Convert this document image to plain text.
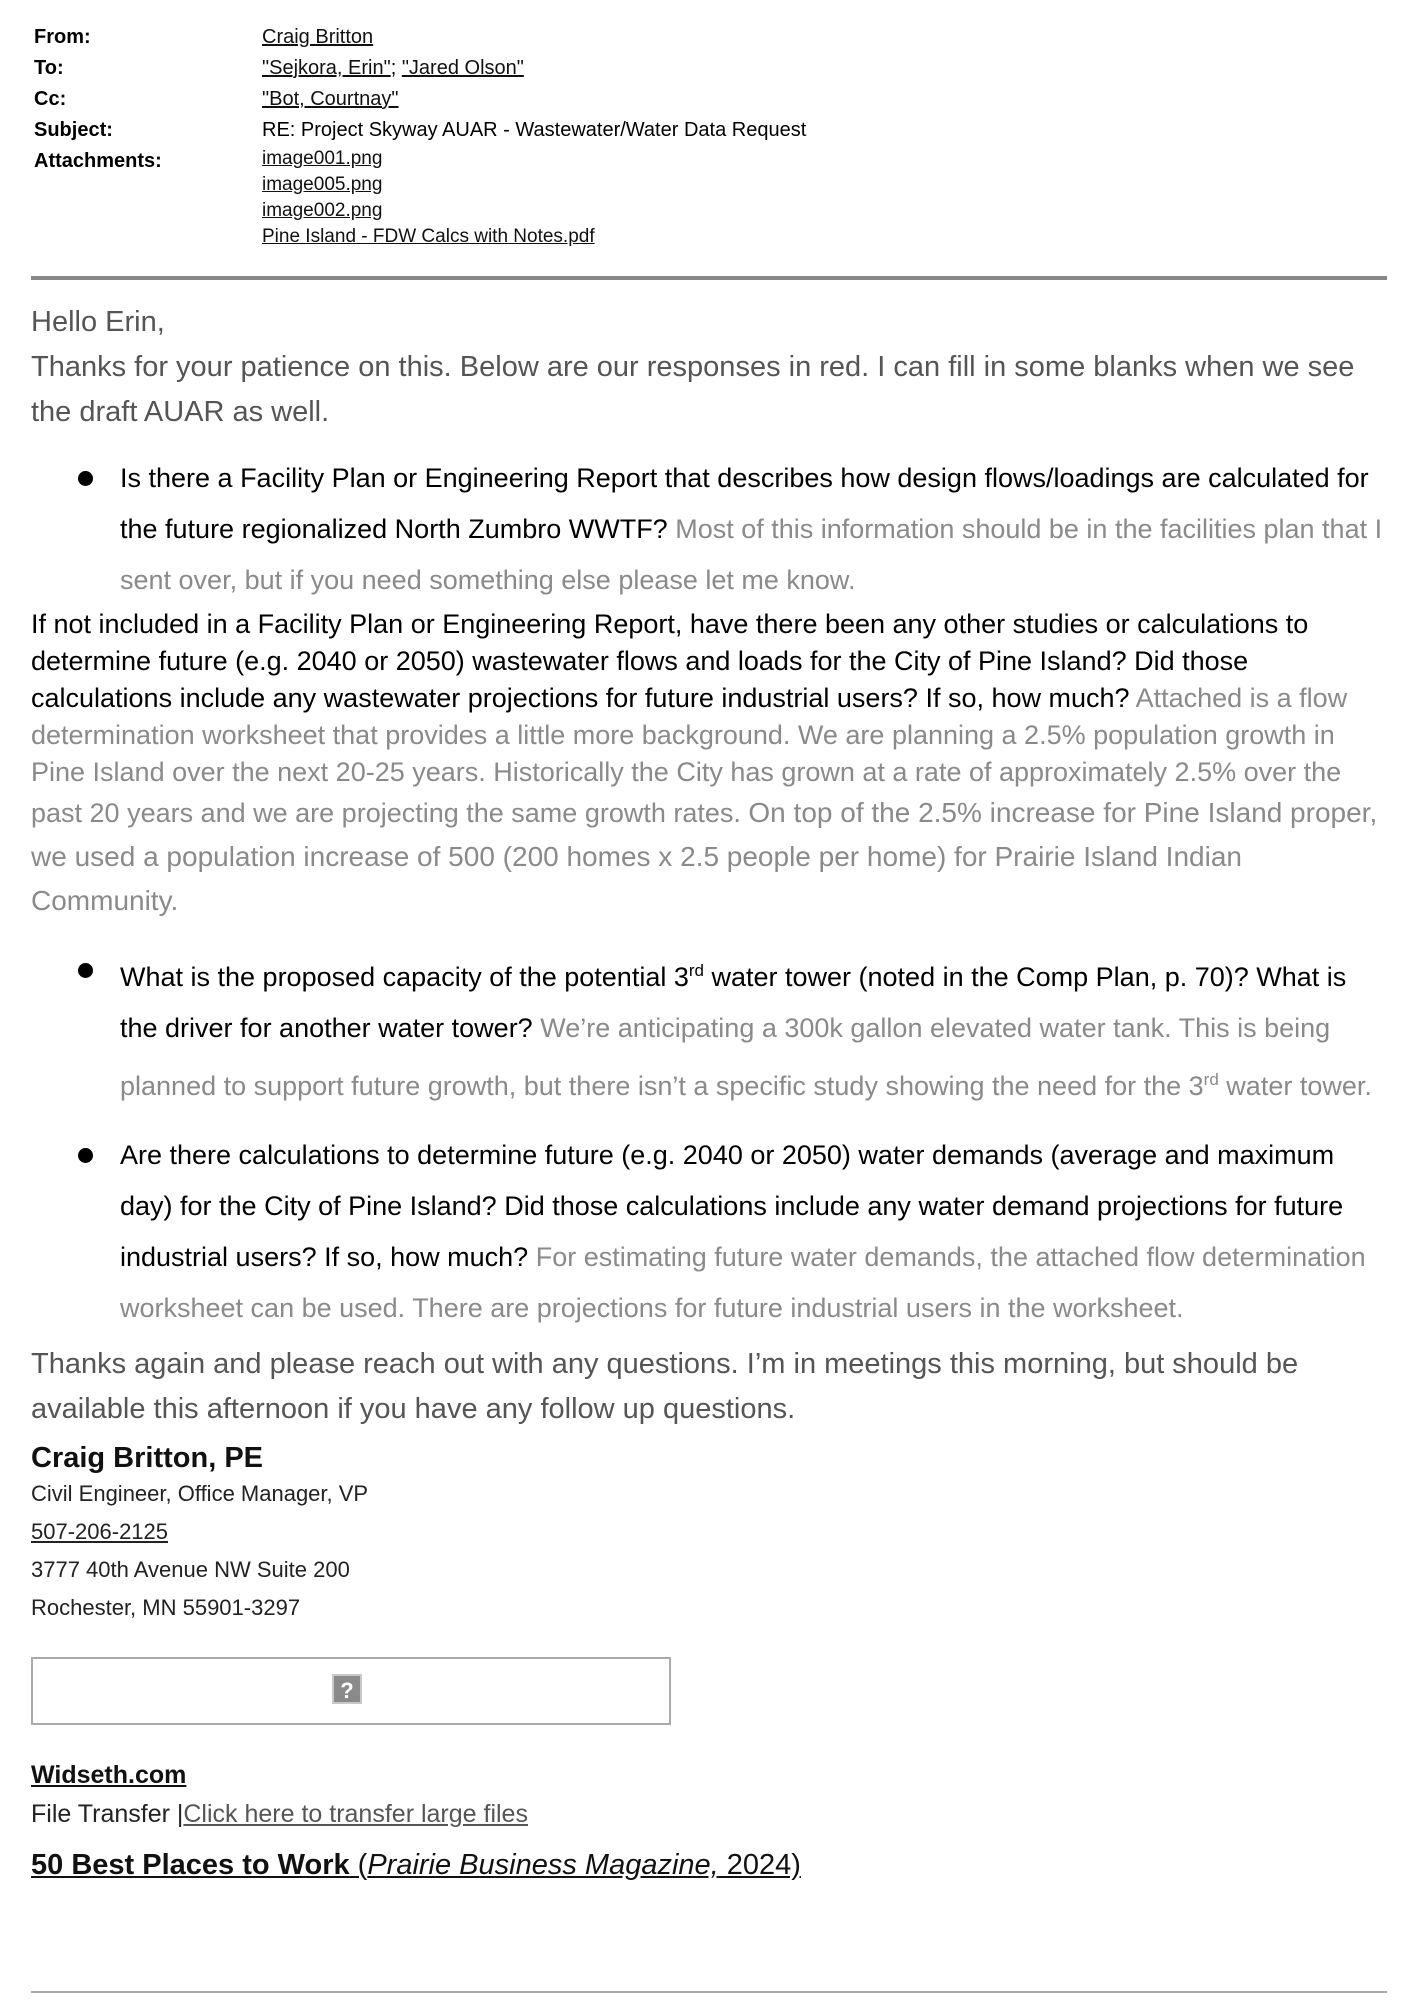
From:	Craig Britton
To:	"Sejkora, Erin"; "Jared Olson"
Cc:	"Bot, Courtnay"
Subject:	RE: Project Skyway AUAR - Wastewater/Water Data Request
Attachments:	image001.png
image005.png
image002.png
Pine Island - FDW Calcs with Notes.pdf

Hello Erin,

Thanks for your patience on this. Below are our responses in red. I can fill in some blanks when we see the draft AUAR as well.

Is there a Facility Plan or Engineering Report that describes how design flows/loadings are calculated for the future regionalized North Zumbro WWTF? Most of this information should be in the facilities plan that I sent over, but if you need something else please let me know.
If not included in a Facility Plan or Engineering Report, have there been any other studies or calculations to determine future (e.g. 2040 or 2050) wastewater flows and loads for the City of Pine Island? Did those calculations include any wastewater projections for future industrial users? If so, how much? Attached is a flow determination worksheet that provides a little more background. We are planning a 2.5% population growth in Pine Island over the next 20-25 years. Historically the City has grown at a rate of approximately 2.5% over the past 20 years and we are projecting the same growth rates. On top of the 2.5% increase for Pine Island proper, we used a population increase of 500 (200 homes x 2.5 people per home) for Prairie Island Indian Community.
What is the proposed capacity of the potential 3rd water tower (noted in the Comp Plan, p. 70)? What is the driver for another water tower? We’re anticipating a 300k gallon elevated water tank. This is being planned to support future growth, but there isn’t a specific study showing the need for the 3rd water tower.
Are there calculations to determine future (e.g. 2040 or 2050) water demands (average and maximum day) for the City of Pine Island? Did those calculations include any water demand projections for future industrial users? If so, how much? For estimating future water demands, the attached flow determination worksheet can be used. There are projections for future industrial users in the worksheet.

Thanks again and please reach out with any questions. I’m in meetings this morning, but should be available this afternoon if you have any follow up questions.

Craig Britton, PE
Civil Engineer, Office Manager, VP
507-206-2125
3777 40th Avenue NW Suite 200
Rochester, MN 55901-3297
?
Widseth.com
File Transfer |Click here to transfer large files
50 Best Places to Work (Prairie Business Magazine, 2024)
